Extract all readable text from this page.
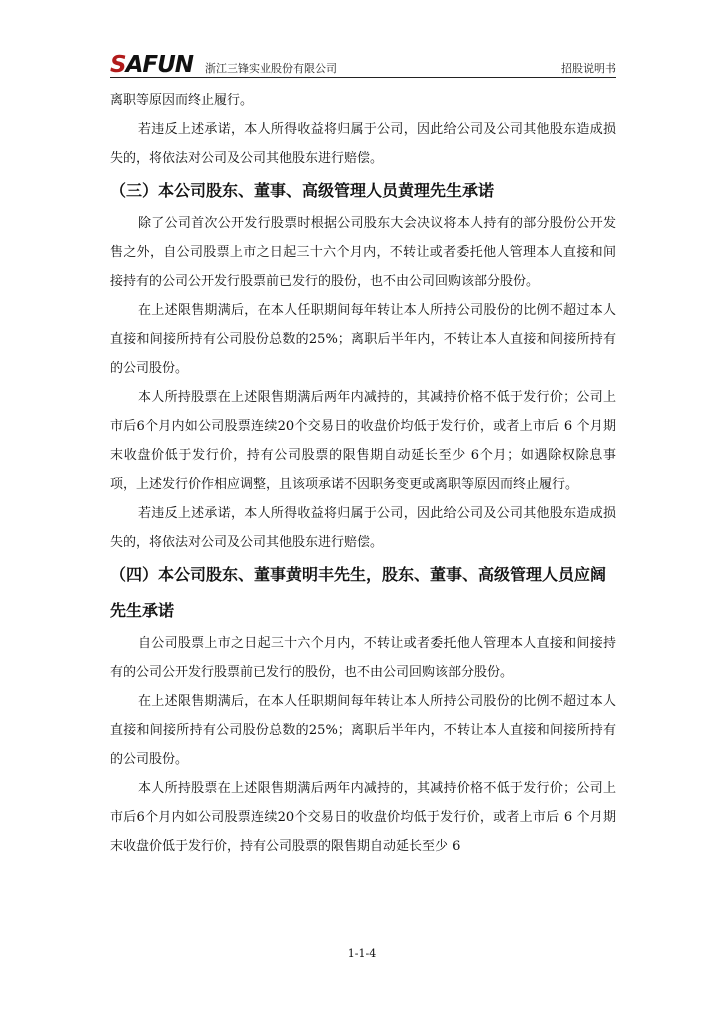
SAFUN 浙江三锋实业股份有限公司	招股说明书

离职等原因而终止履行。

若违反上述承诺，本人所得收益将归属于公司，因此给公司及公司其他股东造成损失的，将依法对公司及公司其他股东进行赔偿。

（三）本公司股东、董事、高级管理人员黄理先生承诺

除了公司首次公开发行股票时根据公司股东大会决议将本人持有的部分股份公开发售之外，自公司股票上市之日起三十六个月内，不转让或者委托他人管理本人直接和间接持有的公司公开发行股票前已发行的股份，也不由公司回购该部分股份。

在上述限售期满后，在本人任职期间每年转让本人所持公司股份的比例不超过本人直接和间接所持有公司股份总数的25%；离职后半年内，不转让本人直接和间接所持有的公司股份。

本人所持股票在上述限售期满后两年内减持的，其减持价格不低于发行价；公司上市后6个月内如公司股票连续20个交易日的收盘价均低于发行价，或者上市后 6 个月期末收盘价低于发行价，持有公司股票的限售期自动延长至少 6个月；如遇除权除息事项，上述发行价作相应调整，且该项承诺不因职务变更或离职等原因而终止履行。

若违反上述承诺，本人所得收益将归属于公司，因此给公司及公司其他股东造成损失的，将依法对公司及公司其他股东进行赔偿。

（四）本公司股东、董事黄明丰先生，股东、董事、高级管理人员应阔先生承诺

自公司股票上市之日起三十六个月内，不转让或者委托他人管理本人直接和间接持有的公司公开发行股票前已发行的股份，也不由公司回购该部分股份。

在上述限售期满后，在本人任职期间每年转让本人所持公司股份的比例不超过本人直接和间接所持有公司股份总数的25%；离职后半年内，不转让本人直接和间接所持有的公司股份。

本人所持股票在上述限售期满后两年内减持的，其减持价格不低于发行价；公司上市后6个月内如公司股票连续20个交易日的收盘价均低于发行价，或者上市后 6 个月期末收盘价低于发行价，持有公司股票的限售期自动延长至少 6

1-1-4
